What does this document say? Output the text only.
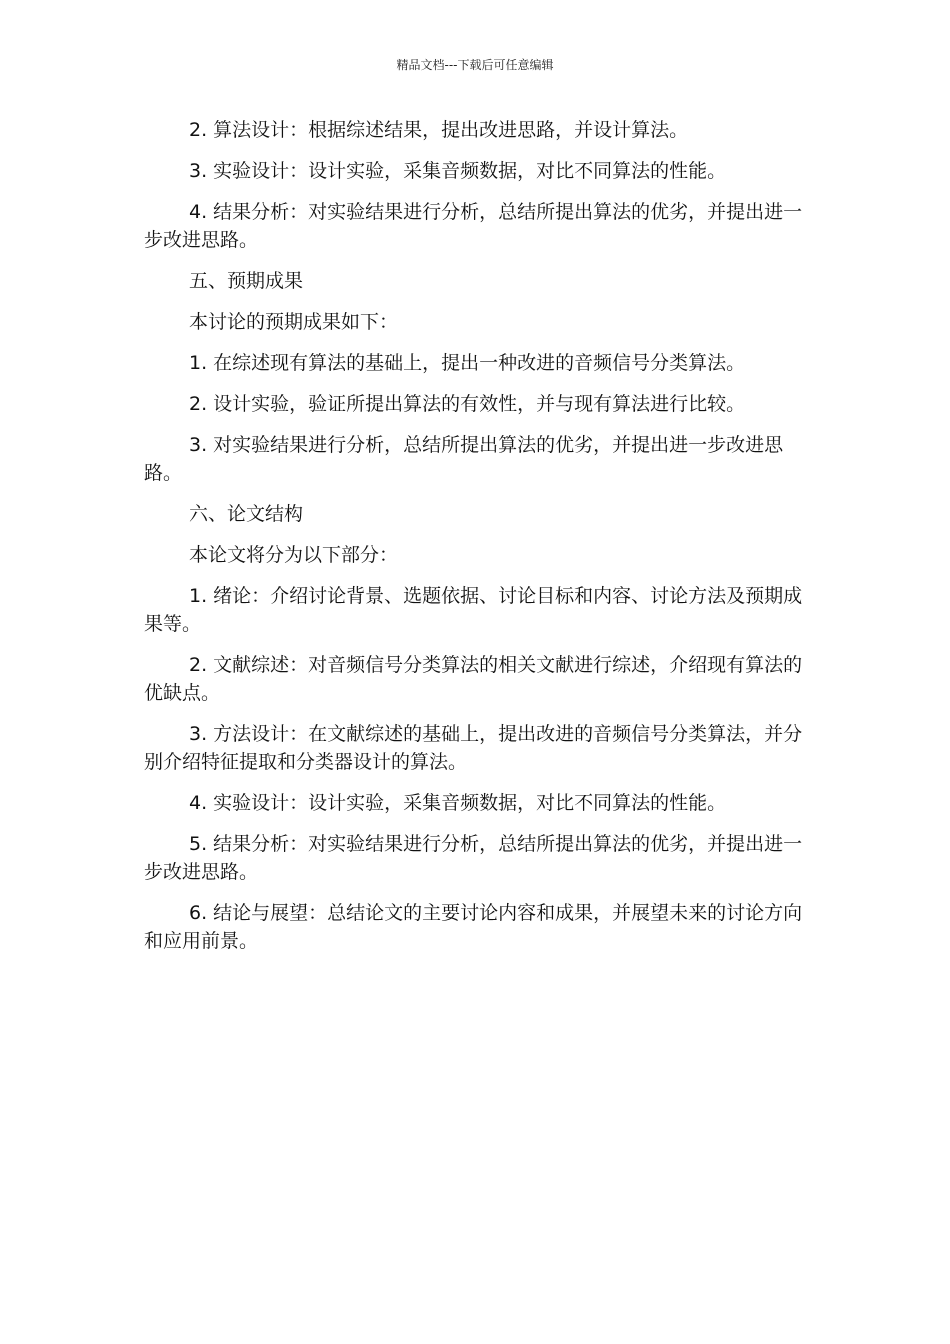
精品文档---下载后可任意编辑

2. 算法设计：根据综述结果，提出改进思路，并设计算法。

3. 实验设计：设计实验，采集音频数据，对比不同算法的性能。

4. 结果分析：对实验结果进行分析，总结所提出算法的优劣，并提出进一步改进思路。

五、预期成果

本讨论的预期成果如下：

1. 在综述现有算法的基础上，提出一种改进的音频信号分类算法。

2. 设计实验，验证所提出算法的有效性，并与现有算法进行比较。

3. 对实验结果进行分析，总结所提出算法的优劣，并提出进一步改进思路。

六、论文结构

本论文将分为以下部分：

1. 绪论：介绍讨论背景、选题依据、讨论目标和内容、讨论方法及预期成果等。

2. 文献综述：对音频信号分类算法的相关文献进行综述，介绍现有算法的优缺点。

3. 方法设计：在文献综述的基础上，提出改进的音频信号分类算法，并分别介绍特征提取和分类器设计的算法。

4. 实验设计：设计实验，采集音频数据，对比不同算法的性能。

5. 结果分析：对实验结果进行分析，总结所提出算法的优劣，并提出进一步改进思路。

6. 结论与展望：总结论文的主要讨论内容和成果，并展望未来的讨论方向和应用前景。
